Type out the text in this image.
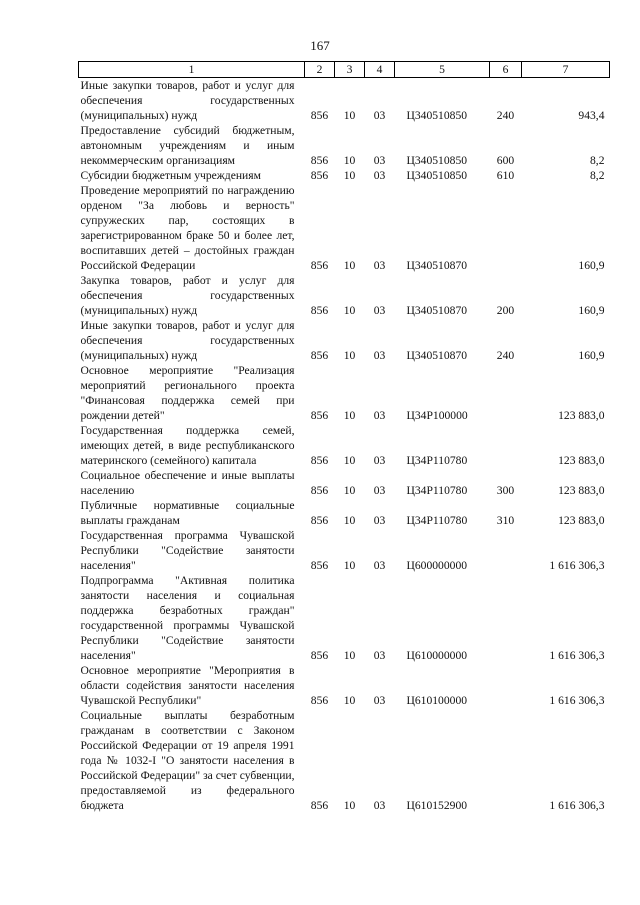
167
1	2	3	4	5	6	7
Иные закупки товаров, работ и услуг для обеспечения государственных (муниципальных) нужд	856	10	03	Ц340510850	240	943,4
Предоставление субсидий бюджетным, автономным учреждениям и иным некоммерческим организациям	856	10	03	Ц340510850	600	8,2
Субсидии бюджетным учреждениям	856	10	03	Ц340510850	610	8,2
Проведение мероприятий по награждению орденом "За любовь и верность" супружеских пар, состоящих в зарегистрированном браке 50 и более лет, воспитавших детей – достойных граждан Российской Федерации	856	10	03	Ц340510870		160,9
Закупка товаров, работ и услуг для обеспечения государственных (муниципальных) нужд	856	10	03	Ц340510870	200	160,9
Иные закупки товаров, работ и услуг для обеспечения государственных (муниципальных) нужд	856	10	03	Ц340510870	240	160,9
Основное мероприятие "Реализация мероприятий регионального проекта "Финансовая поддержка семей при рождении детей"	856	10	03	Ц34P100000		123 883,0
Государственная поддержка семей, имеющих детей, в виде республиканского материнского (семейного) капитала	856	10	03	Ц34P110780		123 883,0
Социальное обеспечение и иные выплаты населению	856	10	03	Ц34P110780	300	123 883,0
Публичные нормативные социальные выплаты гражданам	856	10	03	Ц34P110780	310	123 883,0
Государственная программа Чувашской Республики "Содействие занятости населения"	856	10	03	Ц600000000		1 616 306,3
Подпрограмма "Активная политика занятости населения и социальная поддержка безработных граждан" государственной программы Чувашской Республики "Содействие занятости населения"	856	10	03	Ц610000000		1 616 306,3
Основное мероприятие "Мероприятия в области содействия занятости населения Чувашской Республики"	856	10	03	Ц610100000		1 616 306,3
Социальные выплаты безработным гражданам в соответствии с Законом Российской Федерации от 19 апреля 1991 года № 1032-I "О занятости населения в Российской Федерации" за счет субвенции, предоставляемой из федерального бюджета	856	10	03	Ц610152900		1 616 306,3
